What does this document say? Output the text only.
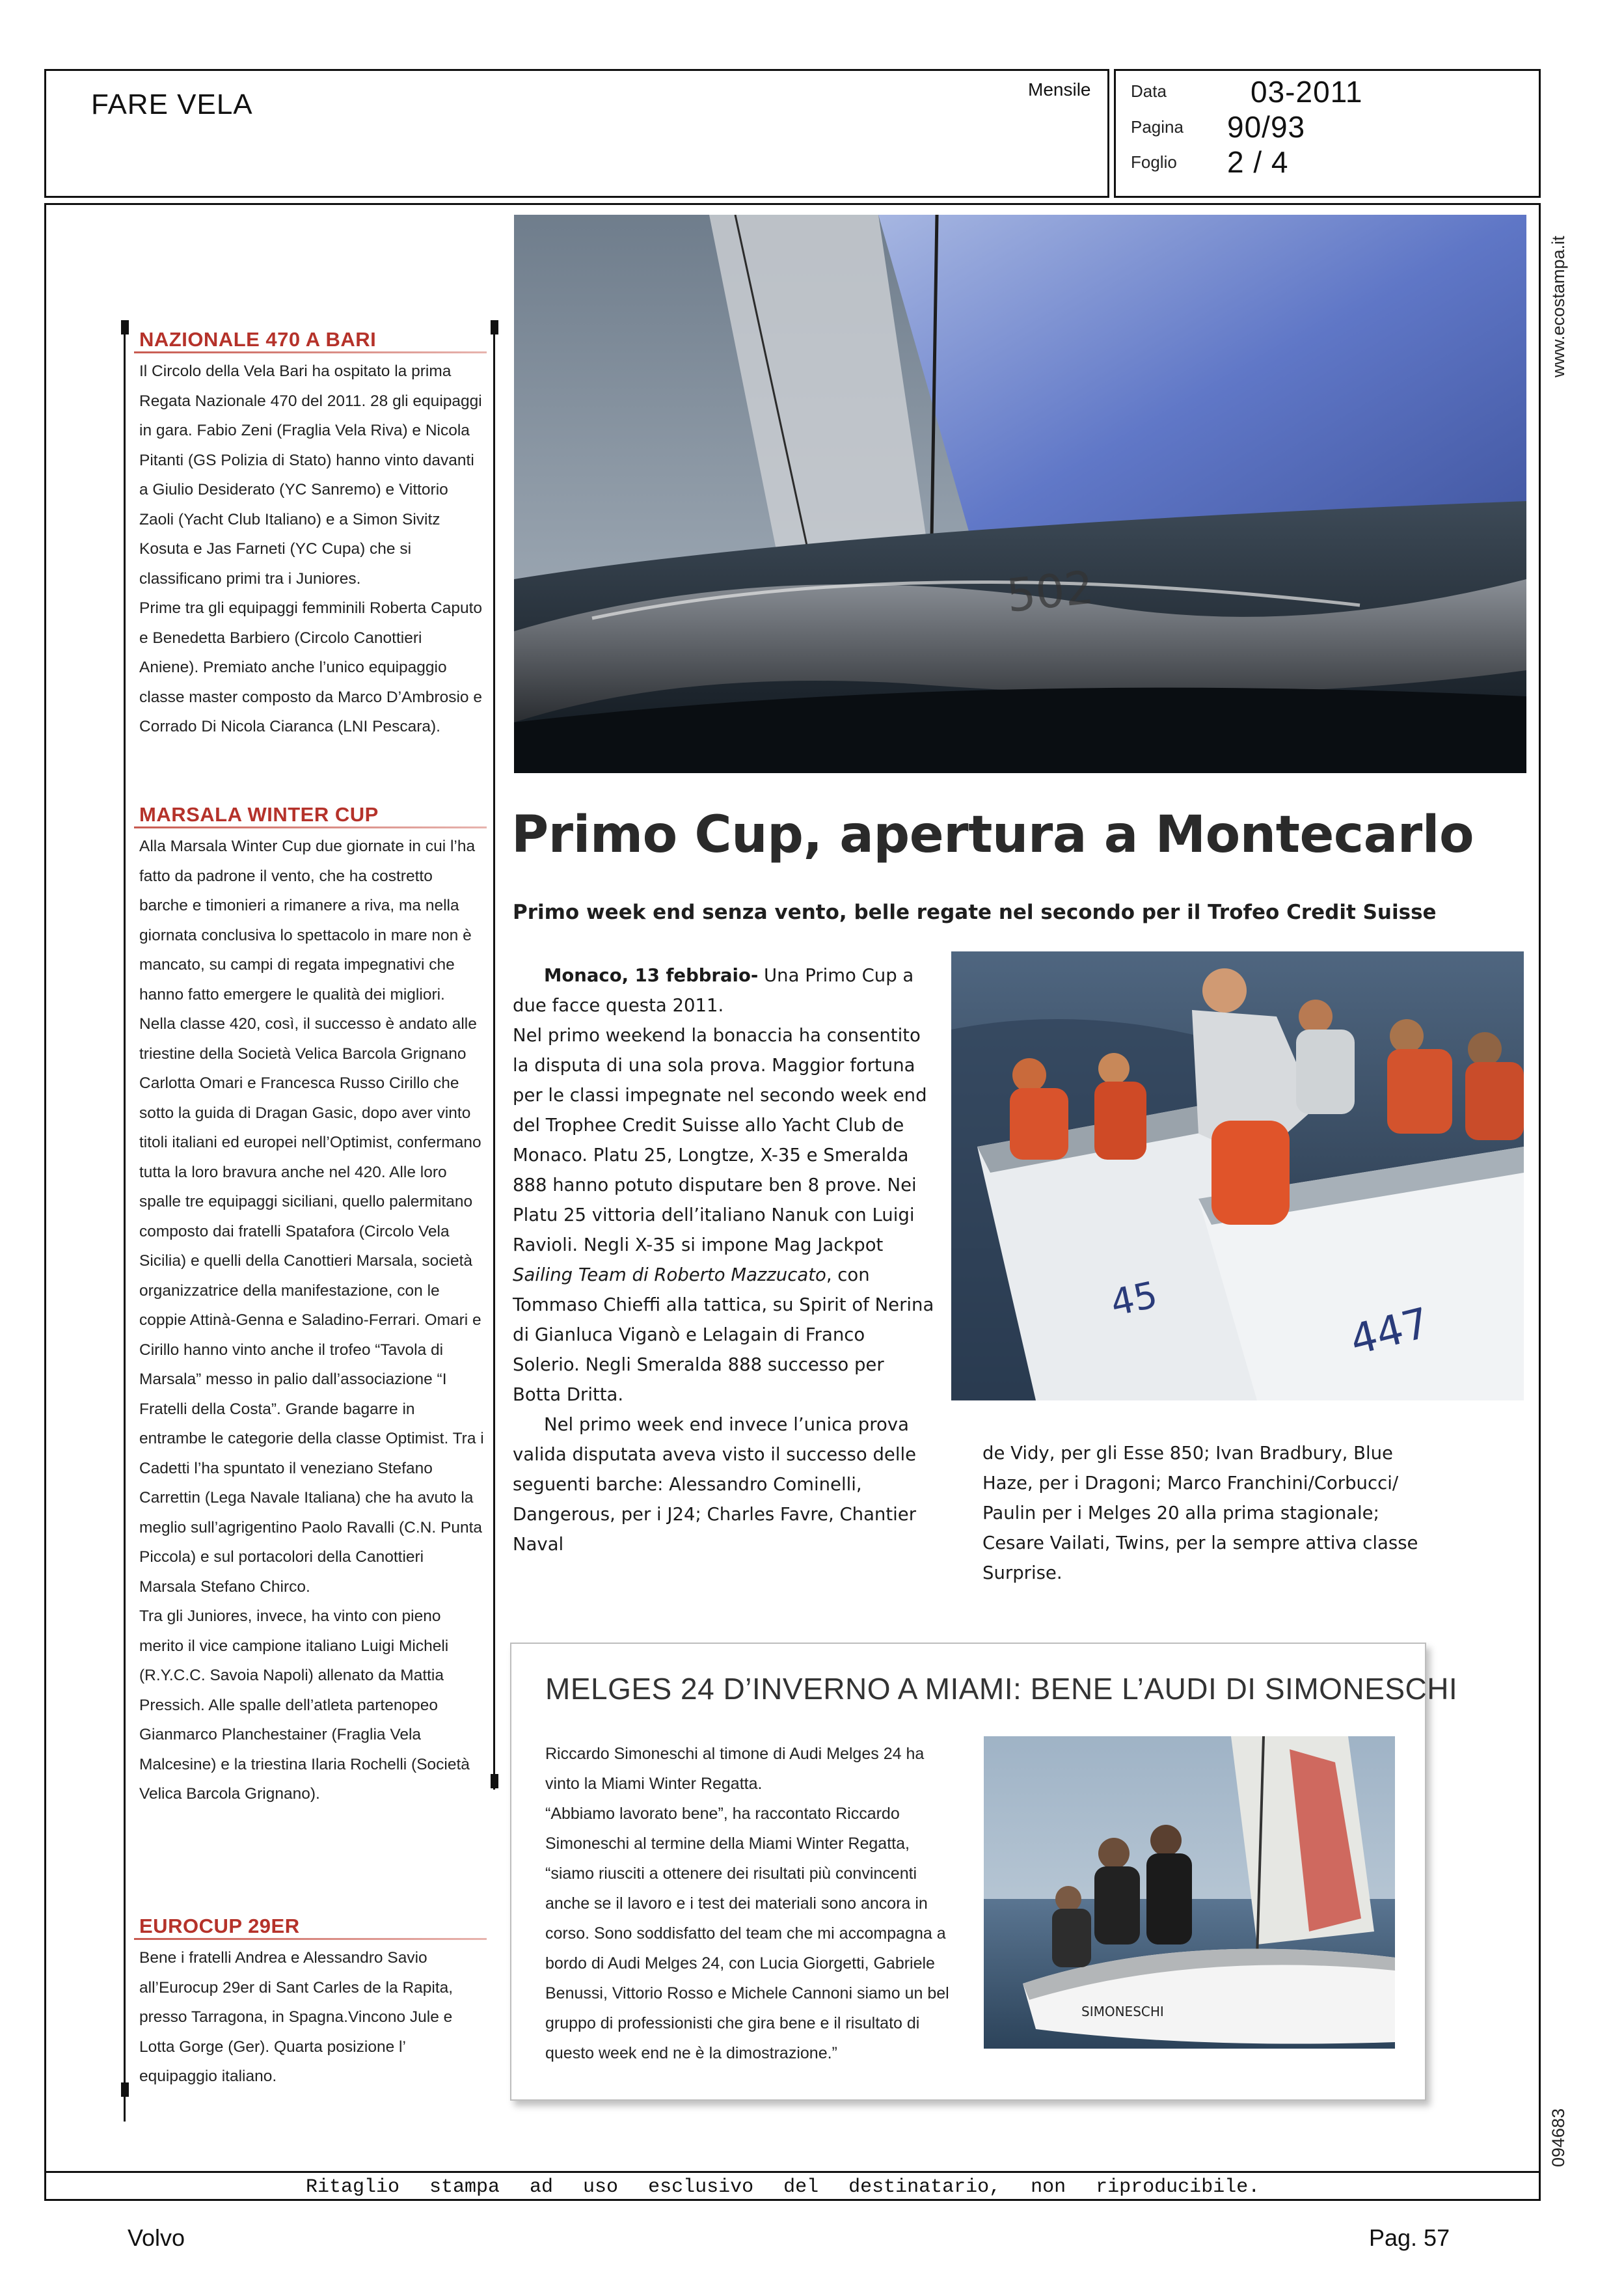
FARE VELA	Mensile Data	03-2011
Pagina 90/93
Foglio 2 / 4
www.ecostampa.it
094683
NAZIONALE 470 A BARI
Il Circolo della Vela Bari ha ospitato la prima Regata Nazionale 470 del 2011. 28 gli equipaggi in gara. Fabio Zeni (Fraglia Vela Riva) e Nicola Pitanti (GS Polizia di Stato) hanno vinto davanti a Giulio Desiderato (YC Sanremo) e Vittorio Zaoli (Yacht Club Italiano) e a Simon Sivitz Kosuta e Jas Farneti (YC Cupa) che si classificano primi tra i Juniores.
Prime tra gli equipaggi femminili Roberta Caputo e Benedetta Barbiero (Circolo Canottieri Aniene). Premiato anche l’unico equipaggio classe master composto da Marco D’Ambrosio e Corrado Di Nicola Ciaranca (LNI Pescara).
MARSALA WINTER CUP
Alla Marsala Winter Cup due giornate in cui l’ha fatto da padrone il vento, che ha costretto barche e timonieri a rimanere a riva, ma nella giornata conclusiva lo spettacolo in mare non è mancato, su campi di regata impegnativi che hanno fatto emergere le qualità dei migliori.
Nella classe 420, così, il successo è andato alle triestine della Società Velica Barcola Grignano Carlotta Omari e Francesca Russo Cirillo che sotto la guida di Dragan Gasic, dopo aver vinto titoli italiani ed europei nell’Optimist, confermano tutta la loro bravura anche nel 420. Alle loro spalle tre equipaggi siciliani, quello palermitano composto dai fratelli Spatafora (Circolo Vela Sicilia) e quelli della Canottieri Marsala, società organizzatrice della manifestazione, con le coppie Attinà-Genna e Saladino-Ferrari. Omari e Cirillo hanno vinto anche il trofeo “Tavola di Marsala” messo in palio dall’associazione “I Fratelli della Costa”. Grande bagarre in entrambe le categorie della classe Optimist. Tra i Cadetti l’ha spuntato il veneziano Stefano Carrettin (Lega Navale Italiana) che ha avuto la meglio sull’agrigentino Paolo Ravalli (C.N. Punta Piccola) e sul portacolori della Canottieri Marsala Stefano Chirco.
Tra gli Juniores, invece, ha vinto con pieno merito il vice campione italiano Luigi Micheli (R.Y.C.C. Savoia Napoli) allenato da Mattia Pressich. Alle spalle dell’atleta partenopeo Gianmarco Planchestainer (Fraglia Vela Malcesine) e la triestina Ilaria Rochelli (Società Velica Barcola Grignano).
EUROCUP 29ER
Bene i fratelli Andrea e Alessandro Savio all’Eurocup 29er di Sant Carles de la Rapita, presso Tarragona, in Spagna.Vincono Jule e Lotta Gorge (Ger). Quarta posizione l’ equipaggio italiano.
502
Primo Cup, apertura a Montecarlo
Primo week end senza vento, belle regate nel secondo per il Trofeo Credit Suisse
45	447
Monaco, 13 febbraio- Una Primo Cup a due facce questa 2011.
Nel primo weekend la bonaccia ha consentito la disputa di una sola prova. Maggior fortuna per le classi impegnate nel secondo week end del Trophee Credit Suisse allo Yacht Club de Monaco. Platu 25, Longtze, X-35 e Smeralda 888 hanno potuto disputare ben 8 prove. Nei Platu 25 vittoria dell’italiano Nanuk con Luigi Ravioli. Negli X-35 si impone Mag Jackpot Sailing Team di Roberto Mazzucato, con Tommaso Chieffi alla tattica, su Spirit of Nerina di Gianluca Viganò e Lelagain di Franco Solerio. Negli Smeralda 888 successo per Botta Dritta.
Nel primo week end invece l’unica prova valida disputata aveva visto il successo delle seguenti barche: Alessandro Cominelli, Dangerous, per i J24; Charles Favre, Chantier Naval
de Vidy, per gli Esse 850; Ivan Bradbury, Blue Haze, per i Dragoni; Marco Franchini/Corbucci/ Paulin per i Melges 20 alla prima stagionale; Cesare Vailati, Twins, per la sempre attiva classe Surprise.
MELGES 24 D’INVERNO A MIAMI: BENE L’AUDI DI SIMONESCHI
Riccardo Simoneschi al timone di Audi Melges 24 ha vinto la Miami Winter Regatta.
“Abbiamo lavorato bene”, ha raccontato Riccardo Simoneschi al termine della Miami Winter Regatta, “siamo riusciti a ottenere dei risultati più convincenti anche se il lavoro e i test dei materiali sono ancora in corso. Sono soddisfatto del team che mi accompagna a bordo di Audi Melges 24, con Lucia Giorgetti, Gabriele Benussi, Vittorio Rosso e Michele Cannoni siamo un bel gruppo di professionisti che gira bene e il risultato di questo week end ne è la dimostrazione.”
SIMONESCHI
Ritaglio stampa ad uso esclusivo del destinatario, non riproducibile.
Volvo	Pag. 57
